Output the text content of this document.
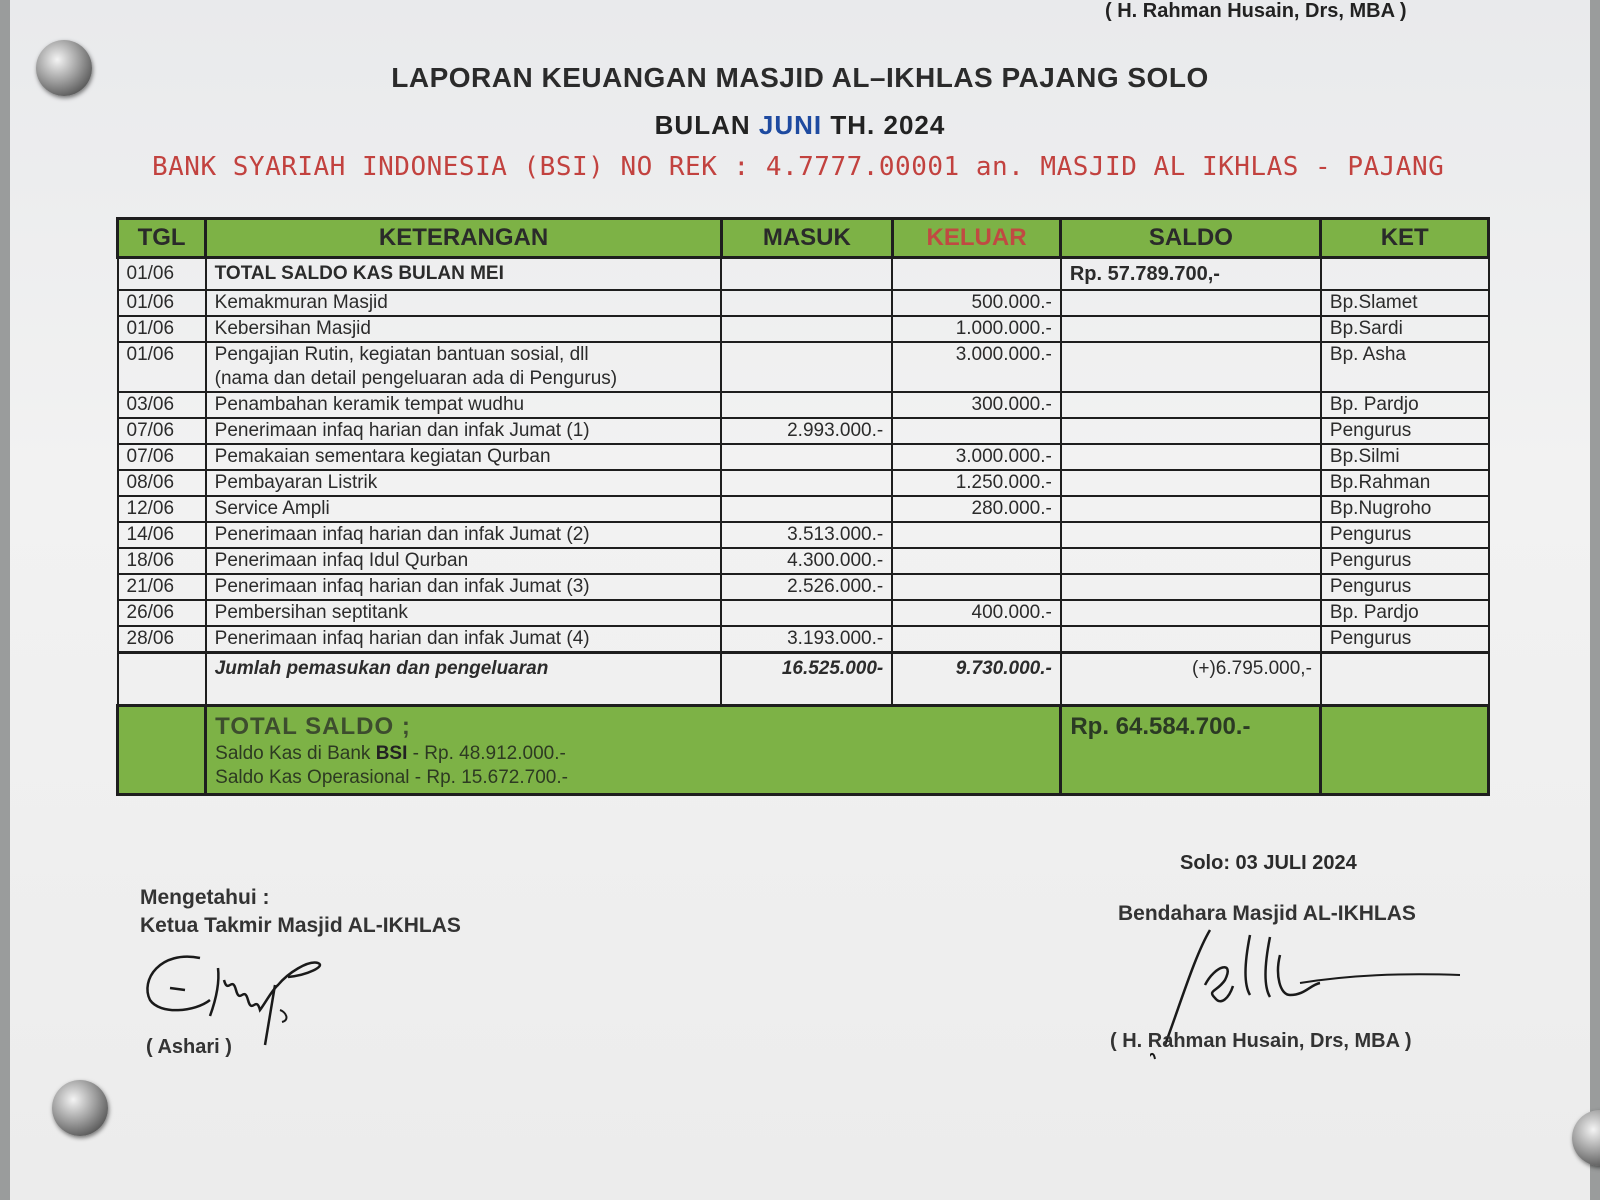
( H. Rahman Husain, Drs, MBA )
LAPORAN KEUANGAN MASJID AL–IKHLAS PAJANG SOLO
BULAN JUNI TH. 2024
BANK SYARIAH INDONESIA (BSI) NO REK : 4.7777.00001 an. MASJID AL IKHLAS - PAJANG
TGL	KETERANGAN	MASUK	KELUAR	SALDO	KET
01/06	TOTAL SALDO KAS BULAN MEI			Rp. 57.789.700,-	
01/06	Kemakmuran Masjid		500.000.-		Bp.Slamet
01/06	Kebersihan Masjid		1.000.000.-		Bp.Sardi
01/06	Pengajian Rutin, kegiatan bantuan sosial, dll
(nama dan detail pengeluaran ada di Pengurus)		3.000.000.-		Bp. Asha
03/06	Penambahan keramik tempat wudhu		300.000.-		Bp. Pardjo
07/06	Penerimaan infaq harian dan infak Jumat (1)	2.993.000.-			Pengurus
07/06	Pemakaian sementara kegiatan Qurban		3.000.000.-		Bp.Silmi
08/06	Pembayaran Listrik		1.250.000.-		Bp.Rahman
12/06	Service Ampli		280.000.-		Bp.Nugroho
14/06	Penerimaan infaq harian dan infak Jumat (2)	3.513.000.-			Pengurus
18/06	Penerimaan infaq Idul Qurban	4.300.000.-			Pengurus
21/06	Penerimaan infaq harian dan infak Jumat (3)	2.526.000.-			Pengurus
26/06	Pembersihan septitank		400.000.-		Bp. Pardjo
28/06	Penerimaan infaq harian dan infak Jumat (4)	3.193.000.-			Pengurus
	Jumlah pemasukan dan pengeluaran	16.525.000-	9.730.000.-	(+)6.795.000,-	

	TOTAL SALDO ;
Saldo Kas di Bank BSI - Rp. 48.912.000.-
Saldo Kas Operasional - Rp. 15.672.700.-			Rp. 64.584.700.-	

Solo: 03 JULI 2024
Mengetahui :
Ketua Takmir Masjid AL-IKHLAS
Bendahara Masjid AL-IKHLAS
( Ashari )	( H. Rahman Husain, Drs, MBA )
